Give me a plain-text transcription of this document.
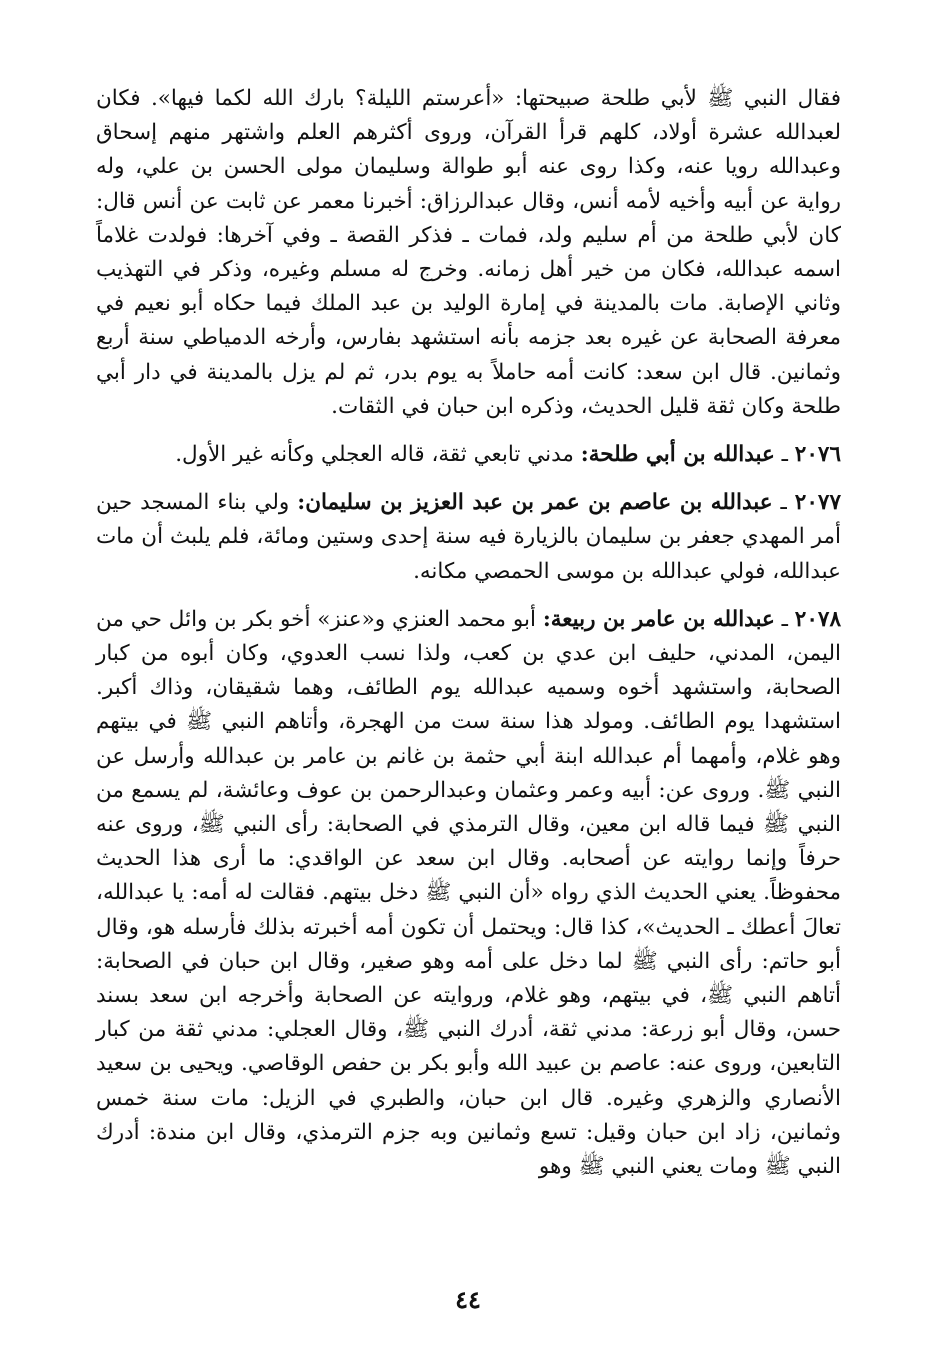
فقال النبي ﷺ لأبي طلحة صبيحتها: «أعرستم الليلة؟ بارك الله لكما فيها». فكان لعبدالله عشرة أولاد، كلهم قرأ القرآن، وروى أكثرهم العلم واشتهر منهم إسحاق وعبدالله رويا عنه، وكذا روى عنه أبو طوالة وسليمان مولى الحسن بن علي، وله رواية عن أبيه وأخيه لأمه أنس، وقال عبدالرزاق: أخبرنا معمر عن ثابت عن أنس قال: كان لأبي طلحة من أم سليم ولد، فمات ـ فذكر القصة ـ وفي آخرها: فولدت غلاماً اسمه عبدالله، فكان من خير أهل زمانه. وخرج له مسلم وغيره، وذكر في التهذيب وثاني الإصابة. مات بالمدينة في إمارة الوليد بن عبد الملك فيما حكاه أبو نعيم في معرفة الصحابة عن غيره بعد جزمه بأنه استشهد بفارس، وأرخه الدمياطي سنة أربع وثمانين. قال ابن سعد: كانت أمه حاملاً به يوم بدر، ثم لم يزل بالمدينة في دار أبي طلحة وكان ثقة قليل الحديث، وذكره ابن حبان في الثقات.

٢٠٧٦ ـ عبدالله بن أبي طلحة: مدني تابعي ثقة، قاله العجلي وكأنه غير الأول.

٢٠٧٧ ـ عبدالله بن عاصم بن عمر بن عبد العزيز بن سليمان: ولي بناء المسجد حين أمر المهدي جعفر بن سليمان بالزيارة فيه سنة إحدى وستين ومائة، فلم يلبث أن مات عبدالله، فولي عبدالله بن موسى الحمصي مكانه.

٢٠٧٨ ـ عبدالله بن عامر بن ربيعة: أبو محمد العنزي و«عنز» أخو بكر بن وائل حي من اليمن، المدني، حليف ابن عدي بن كعب، ولذا نسب العدوي، وكان أبوه من كبار الصحابة، واستشهد أخوه وسميه عبدالله يوم الطائف، وهما شقيقان، وذاك أكبر. استشهدا يوم الطائف. ومولد هذا سنة ست من الهجرة، وأتاهم النبي ﷺ في بيتهم وهو غلام، وأمهما أم عبدالله ابنة أبي حثمة بن غانم بن عامر بن عبدالله وأرسل عن النبي ﷺ. وروى عن: أبيه وعمر وعثمان وعبدالرحمن بن عوف وعائشة، لم يسمع من النبي ﷺ فيما قاله ابن معين، وقال الترمذي في الصحابة: رأى النبي ﷺ، وروى عنه حرفاً وإنما روايته عن أصحابه. وقال ابن سعد عن الواقدي: ما أرى هذا الحديث محفوظاً. يعني الحديث الذي رواه «أن النبي ﷺ دخل بيتهم. فقالت له أمه: يا عبدالله، تعالَ أعطك ـ الحديث»، كذا قال: ويحتمل أن تكون أمه أخبرته بذلك فأرسله هو، وقال أبو حاتم: رأى النبي ﷺ لما دخل على أمه وهو صغير، وقال ابن حبان في الصحابة: أتاهم النبي ﷺ، في بيتهم، وهو غلام، وروايته عن الصحابة وأخرجه ابن سعد بسند حسن، وقال أبو زرعة: مدني ثقة، أدرك النبي ﷺ، وقال العجلي: مدني ثقة من كبار التابعين، وروى عنه: عاصم بن عبيد الله وأبو بكر بن حفص الوقاصي. ويحيى بن سعيد الأنصاري والزهري وغيره. قال ابن حبان، والطبري في الزيل: مات سنة خمس وثمانين، زاد ابن حبان وقيل: تسع وثمانين وبه جزم الترمذي، وقال ابن مندة: أدرك النبي ﷺ ومات يعني النبي ﷺ وهو

٤٤
